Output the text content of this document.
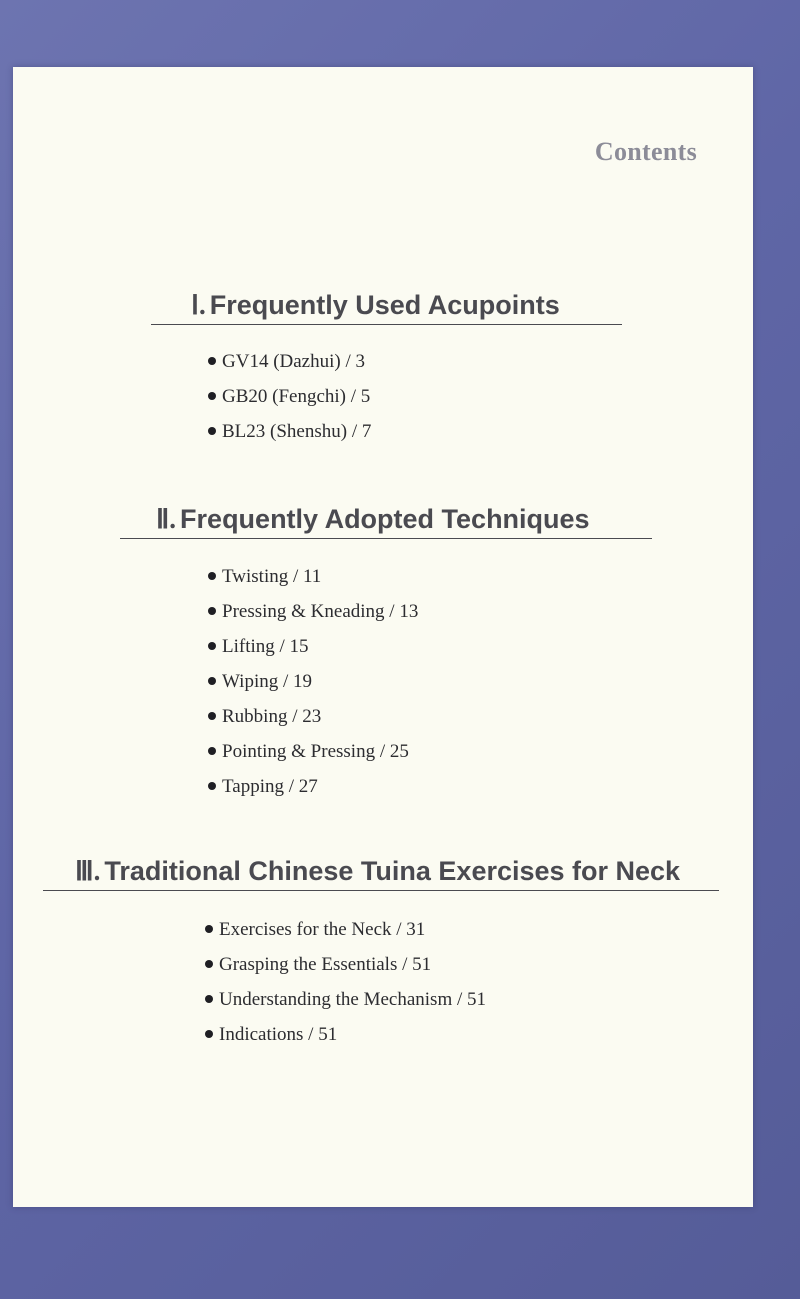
Contents
Ⅰ. Frequently Used Acupoints
GV14 (Dazhui) / 3
GB20 (Fengchi) / 5
BL23 (Shenshu) / 7
Ⅱ. Frequently Adopted Techniques
Twisting / 11
Pressing & Kneading / 13
Lifting / 15
Wiping / 19
Rubbing / 23
Pointing & Pressing / 25
Tapping / 27
Ⅲ. Traditional Chinese Tuina Exercises for Neck
Exercises for the Neck / 31
Grasping the Essentials / 51
Understanding the Mechanism / 51
Indications / 51
